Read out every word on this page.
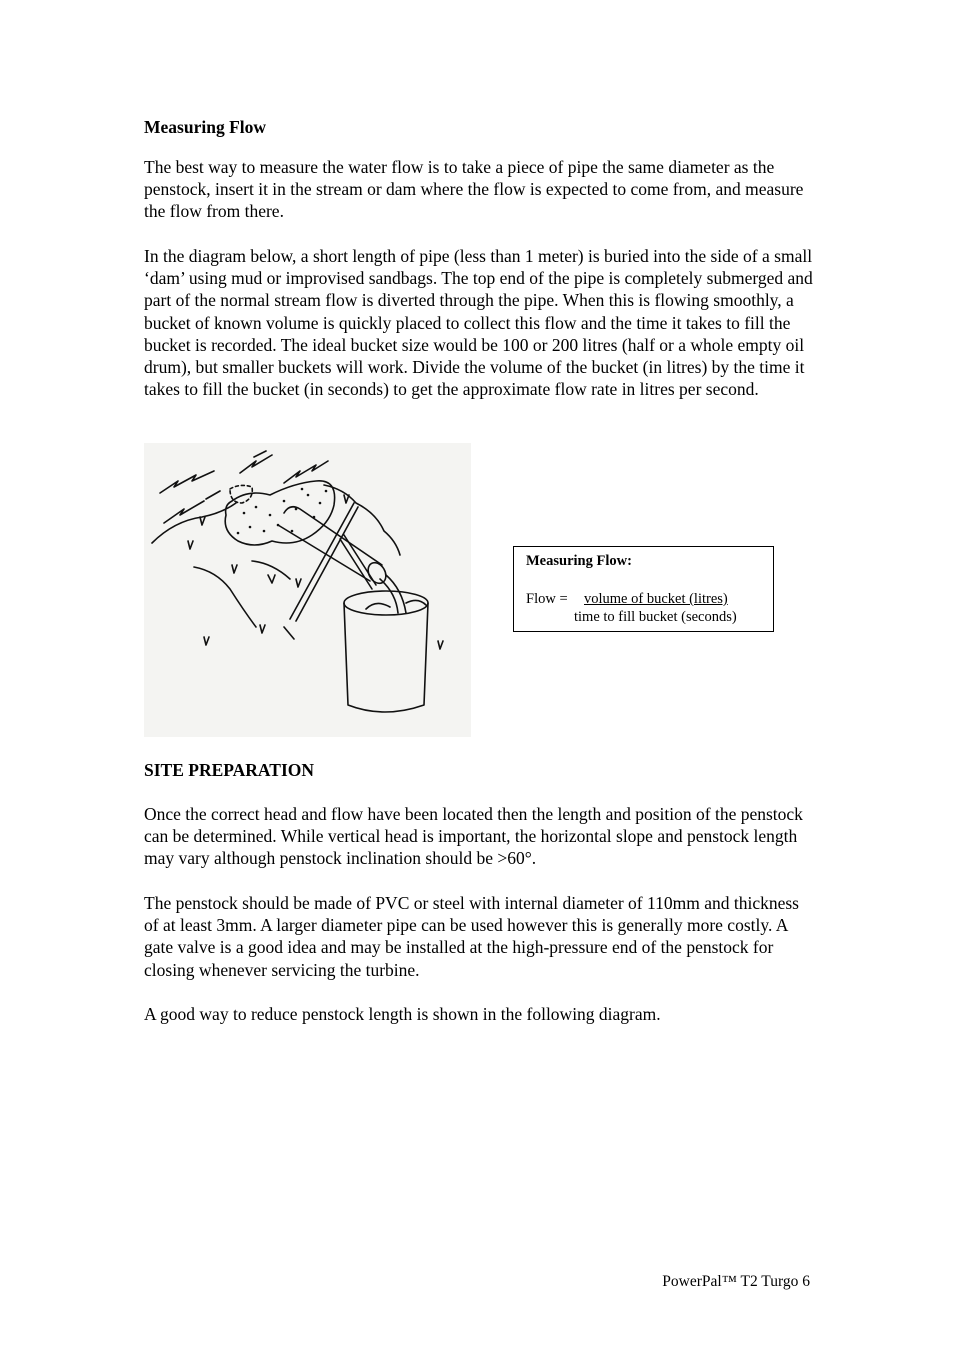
Measuring Flow

The best way to measure the water flow is to take a piece of pipe the same diameter as the penstock, insert it in the stream or dam where the flow is expected to come from, and measure the flow from there.

In the diagram below, a short length of pipe (less than 1 meter) is buried into the side of a small ‘dam’ using mud or improvised sandbags. The top end of the pipe is completely submerged and part of the normal stream flow is diverted through the pipe. When this is flowing smoothly, a bucket of known volume is quickly placed to collect this flow and the time it takes to fill the bucket is recorded. The ideal bucket size would be 100 or 200 litres (half or a whole empty oil drum), but smaller buckets will work. Divide the volume of the bucket (in litres) by the time it takes to fill the bucket (in seconds) to get the approximate flow rate in litres per second.

Measuring Flow:
Flow = volume of bucket (litres)
time to fill bucket (seconds)
SITE PREPARATION

Once the correct head and flow have been located then the length and position of the penstock can be determined. While vertical head is important, the horizontal slope and penstock length may vary although penstock inclination should be >60°.

The penstock should be made of PVC or steel with internal diameter of 110mm and thickness of at least 3mm. A larger diameter pipe can be used however this is generally more costly. A gate valve is a good idea and may be installed at the high-pressure end of the penstock for closing whenever servicing the turbine.

A good way to reduce penstock length is shown in the following diagram.

PowerPal™ T2 Turgo 6
